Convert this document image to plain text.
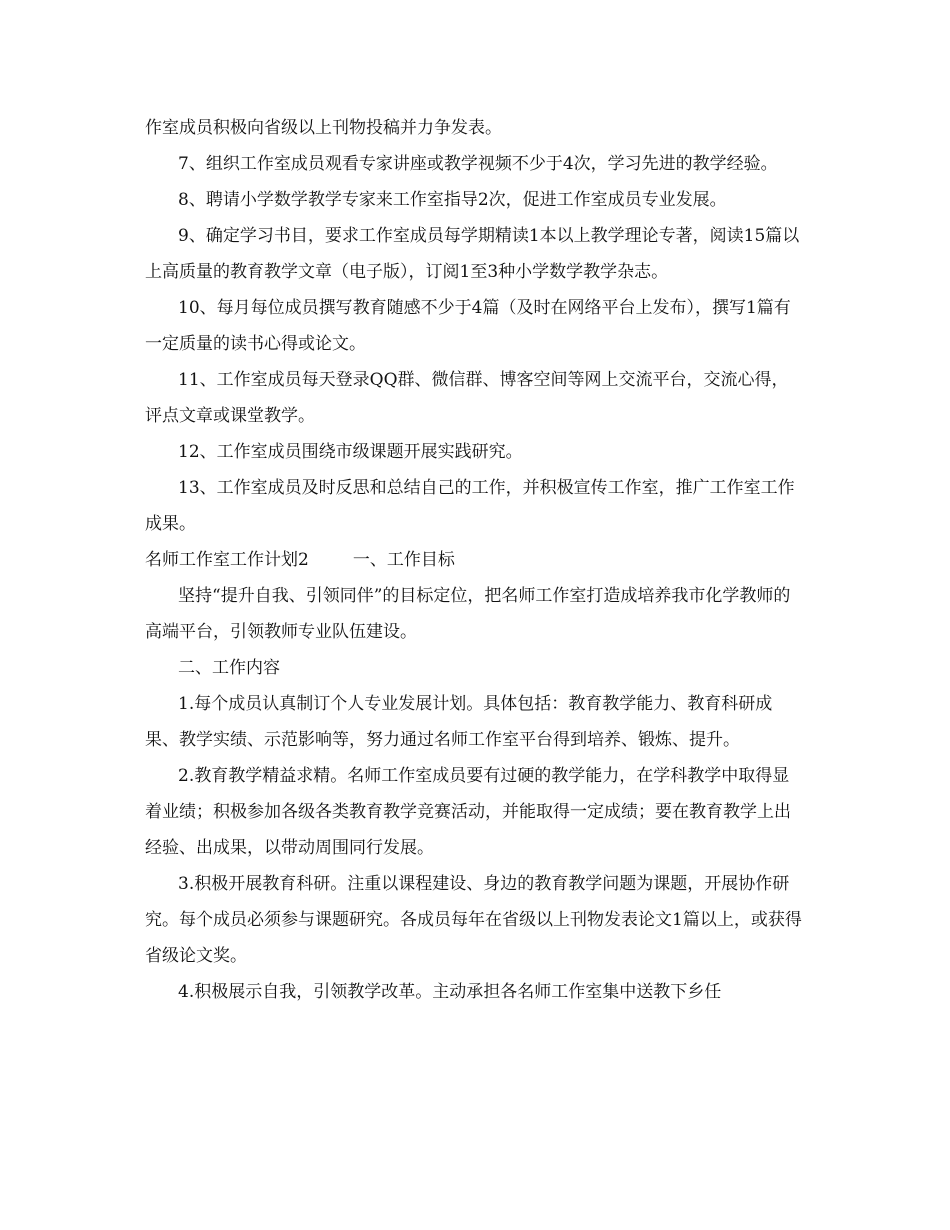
作室成员积极向省级以上刊物投稿并力争发表。

7、组织工作室成员观看专家讲座或教学视频不少于4次，学习先进的教学经验。

8、聘请小学数学教学专家来工作室指导2次，促进工作室成员专业发展。

9、确定学习书目，要求工作室成员每学期精读1本以上教学理论专著，阅读15篇以上高质量的教育教学文章（电子版），订阅1至3种小学数学教学杂志。

10、每月每位成员撰写教育随感不少于4篇（及时在网络平台上发布），撰写1篇有一定质量的读书心得或论文。

11、工作室成员每天登录QQ群、微信群、博客空间等网上交流平台，交流心得，评点文章或课堂教学。

12、工作室成员围绕市级课题开展实践研究。

13、工作室成员及时反思和总结自己的工作，并积极宣传工作室，推广工作室工作成果。

名师工作室工作计划2	一、工作目标

坚持“提升自我、引领同伴”的目标定位，把名师工作室打造成培养我市化学教师的高端平台，引领教师专业队伍建设。

二、工作内容

1.每个成员认真制订个人专业发展计划。具体包括：教育教学能力、教育科研成果、教学实绩、示范影响等，努力通过名师工作室平台得到培养、锻炼、提升。

2.教育教学精益求精。名师工作室成员要有过硬的教学能力，在学科教学中取得显着业绩；积极参加各级各类教育教学竞赛活动，并能取得一定成绩；要在教育教学上出经验、出成果，以带动周围同行发展。

3.积极开展教育科研。注重以课程建设、身边的教育教学问题为课题，开展协作研究。每个成员必须参与课题研究。各成员每年在省级以上刊物发表论文1篇以上，或获得省级论文奖。

4.积极展示自我，引领教学改革。主动承担各名师工作室集中送教下乡任
